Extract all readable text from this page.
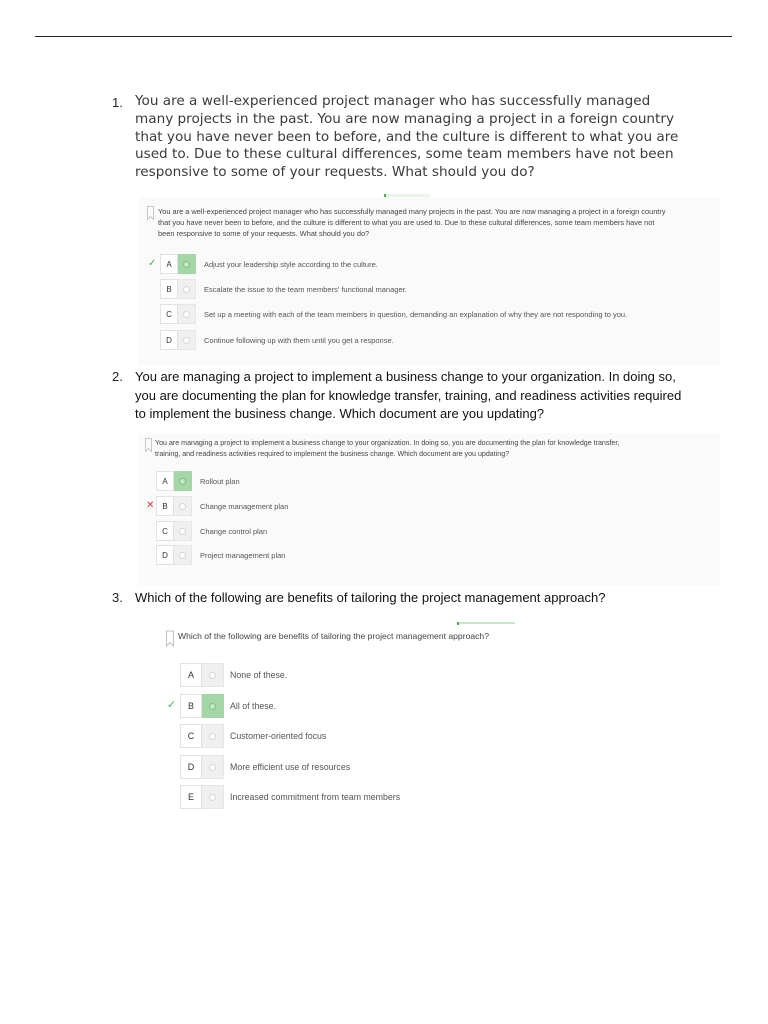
1. You are a well-experienced project manager who has successfully managed many projects in the past. You are now managing a project in a foreign country that you have never been to before, and the culture is different to what you are used to. Due to these cultural differences, some team members have not been responsive to some of your requests. What should you do?
You are a well-experienced project manager who has successfully managed many projects in the past. You are now managing a project in a foreign country that you have never been to before, and the culture is different to what you are used to. Due to these cultural differences, some team members have not been responsive to some of your requests. What should you do?
A	Adjust your leadership style according to the culture.
✓
B	Escalate the issue to the team members' functional manager.
C	Set up a meeting with each of the team members in question, demanding an explanation of why they are not responding to you.
D	Continue following up with them until you get a response.
2. You are managing a project to implement a business change to your organization. In doing so, you are documenting the plan for knowledge transfer, training, and readiness activities required to implement the business change. Which document are you updating?
You are managing a project to implement a business change to your organization. In doing so, you are documenting the plan for knowledge transfer, training, and readiness activities required to implement the business change. Which document are you updating?
A	Rollout plan
B	Change management plan
✕
C	Change control plan
D	Project management plan
3. Which of the following are benefits of tailoring the project management approach?
Which of the following are benefits of tailoring the project management approach?
A	None of these.
B	All of these.
✓
C	Customer-oriented focus
D	More efficient use of resources
E	Increased commitment from team members
